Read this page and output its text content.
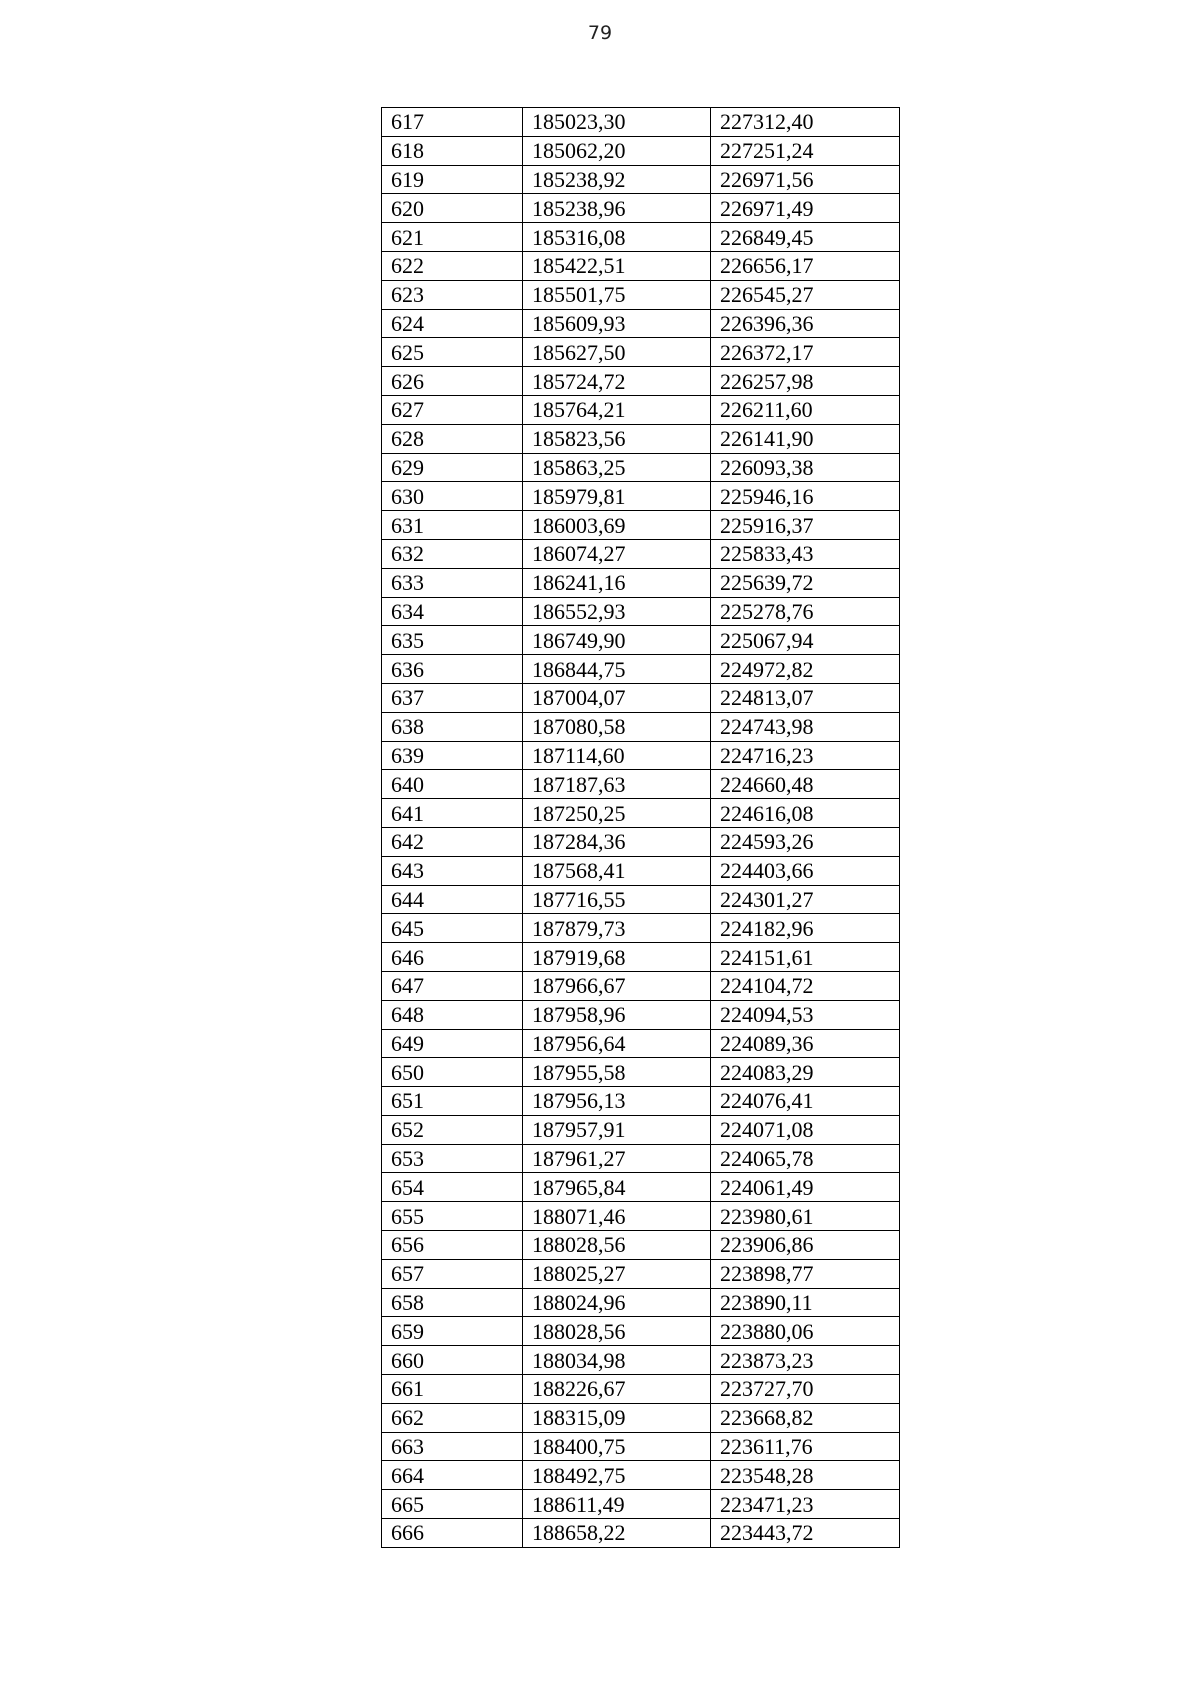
79
617	185023,30	227312,40
618	185062,20	227251,24
619	185238,92	226971,56
620	185238,96	226971,49
621	185316,08	226849,45
622	185422,51	226656,17
623	185501,75	226545,27
624	185609,93	226396,36
625	185627,50	226372,17
626	185724,72	226257,98
627	185764,21	226211,60
628	185823,56	226141,90
629	185863,25	226093,38
630	185979,81	225946,16
631	186003,69	225916,37
632	186074,27	225833,43
633	186241,16	225639,72
634	186552,93	225278,76
635	186749,90	225067,94
636	186844,75	224972,82
637	187004,07	224813,07
638	187080,58	224743,98
639	187114,60	224716,23
640	187187,63	224660,48
641	187250,25	224616,08
642	187284,36	224593,26
643	187568,41	224403,66
644	187716,55	224301,27
645	187879,73	224182,96
646	187919,68	224151,61
647	187966,67	224104,72
648	187958,96	224094,53
649	187956,64	224089,36
650	187955,58	224083,29
651	187956,13	224076,41
652	187957,91	224071,08
653	187961,27	224065,78
654	187965,84	224061,49
655	188071,46	223980,61
656	188028,56	223906,86
657	188025,27	223898,77
658	188024,96	223890,11
659	188028,56	223880,06
660	188034,98	223873,23
661	188226,67	223727,70
662	188315,09	223668,82
663	188400,75	223611,76
664	188492,75	223548,28
665	188611,49	223471,23
666	188658,22	223443,72
